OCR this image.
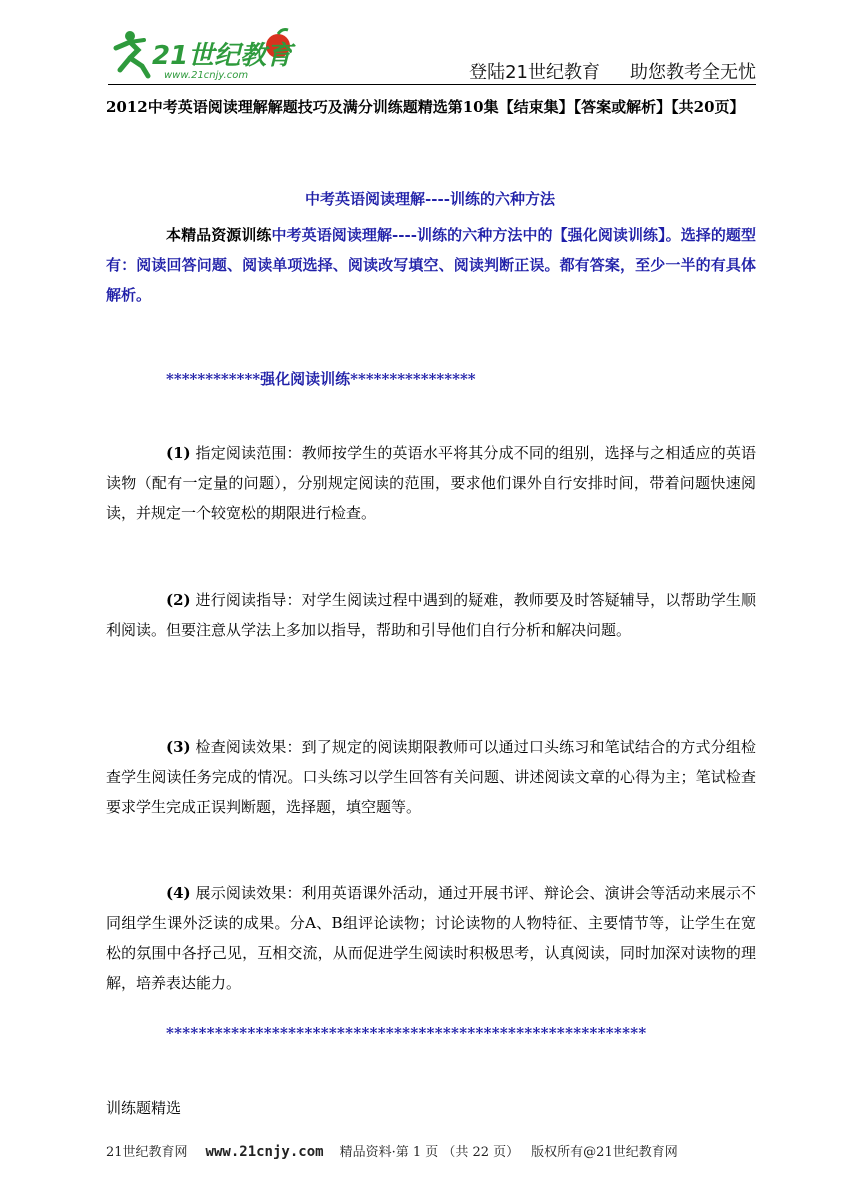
21世纪教育
www.21cnjy.com	登陆21世纪教育 助您教考全无忧
2012中考英语阅读理解解题技巧及满分训练题精选第10集【结束集】【答案或解析】【共20页】
中考英语阅读理解----训练的六种方法
本精品资源训练中考英语阅读理解----训练的六种方法中的【强化阅读训练】。选择的题型有：阅读回答问题、阅读单项选择、阅读改写填空、阅读判断正误。都有答案，至少一半的有具体解析。
************强化阅读训练****************
(1) 指定阅读范围：教师按学生的英语水平将其分成不同的组别，选择与之相适应的英语读物（配有一定量的问题），分别规定阅读的范围，要求他们课外自行安排时间，带着问题快速阅读，并规定一个较宽松的期限进行检查。
(2) 进行阅读指导：对学生阅读过程中遇到的疑难，教师要及时答疑辅导，以帮助学生顺利阅读。但要注意从学法上多加以指导，帮助和引导他们自行分析和解决问题。
(3) 检查阅读效果：到了规定的阅读期限教师可以通过口头练习和笔试结合的方式分组检查学生阅读任务完成的情况。口头练习以学生回答有关问题、讲述阅读文章的心得为主；笔试检查要求学生完成正误判断题，选择题，填空题等。
(4) 展示阅读效果：利用英语课外活动，通过开展书评、辩论会、演讲会等活动来展示不同组学生课外泛读的成果。分A、B组评论读物；讨论读物的人物特征、主要情节等，让学生在宽松的氛围中各抒己见，互相交流，从而促进学生阅读时积极思考，认真阅读，同时加深对读物的理解，培养表达能力。
***********************************************************
训练题精选
21世纪教育网 www.21cnjy.com 精品资料·第 1 页 （共 22 页） 版权所有@21世纪教育网
